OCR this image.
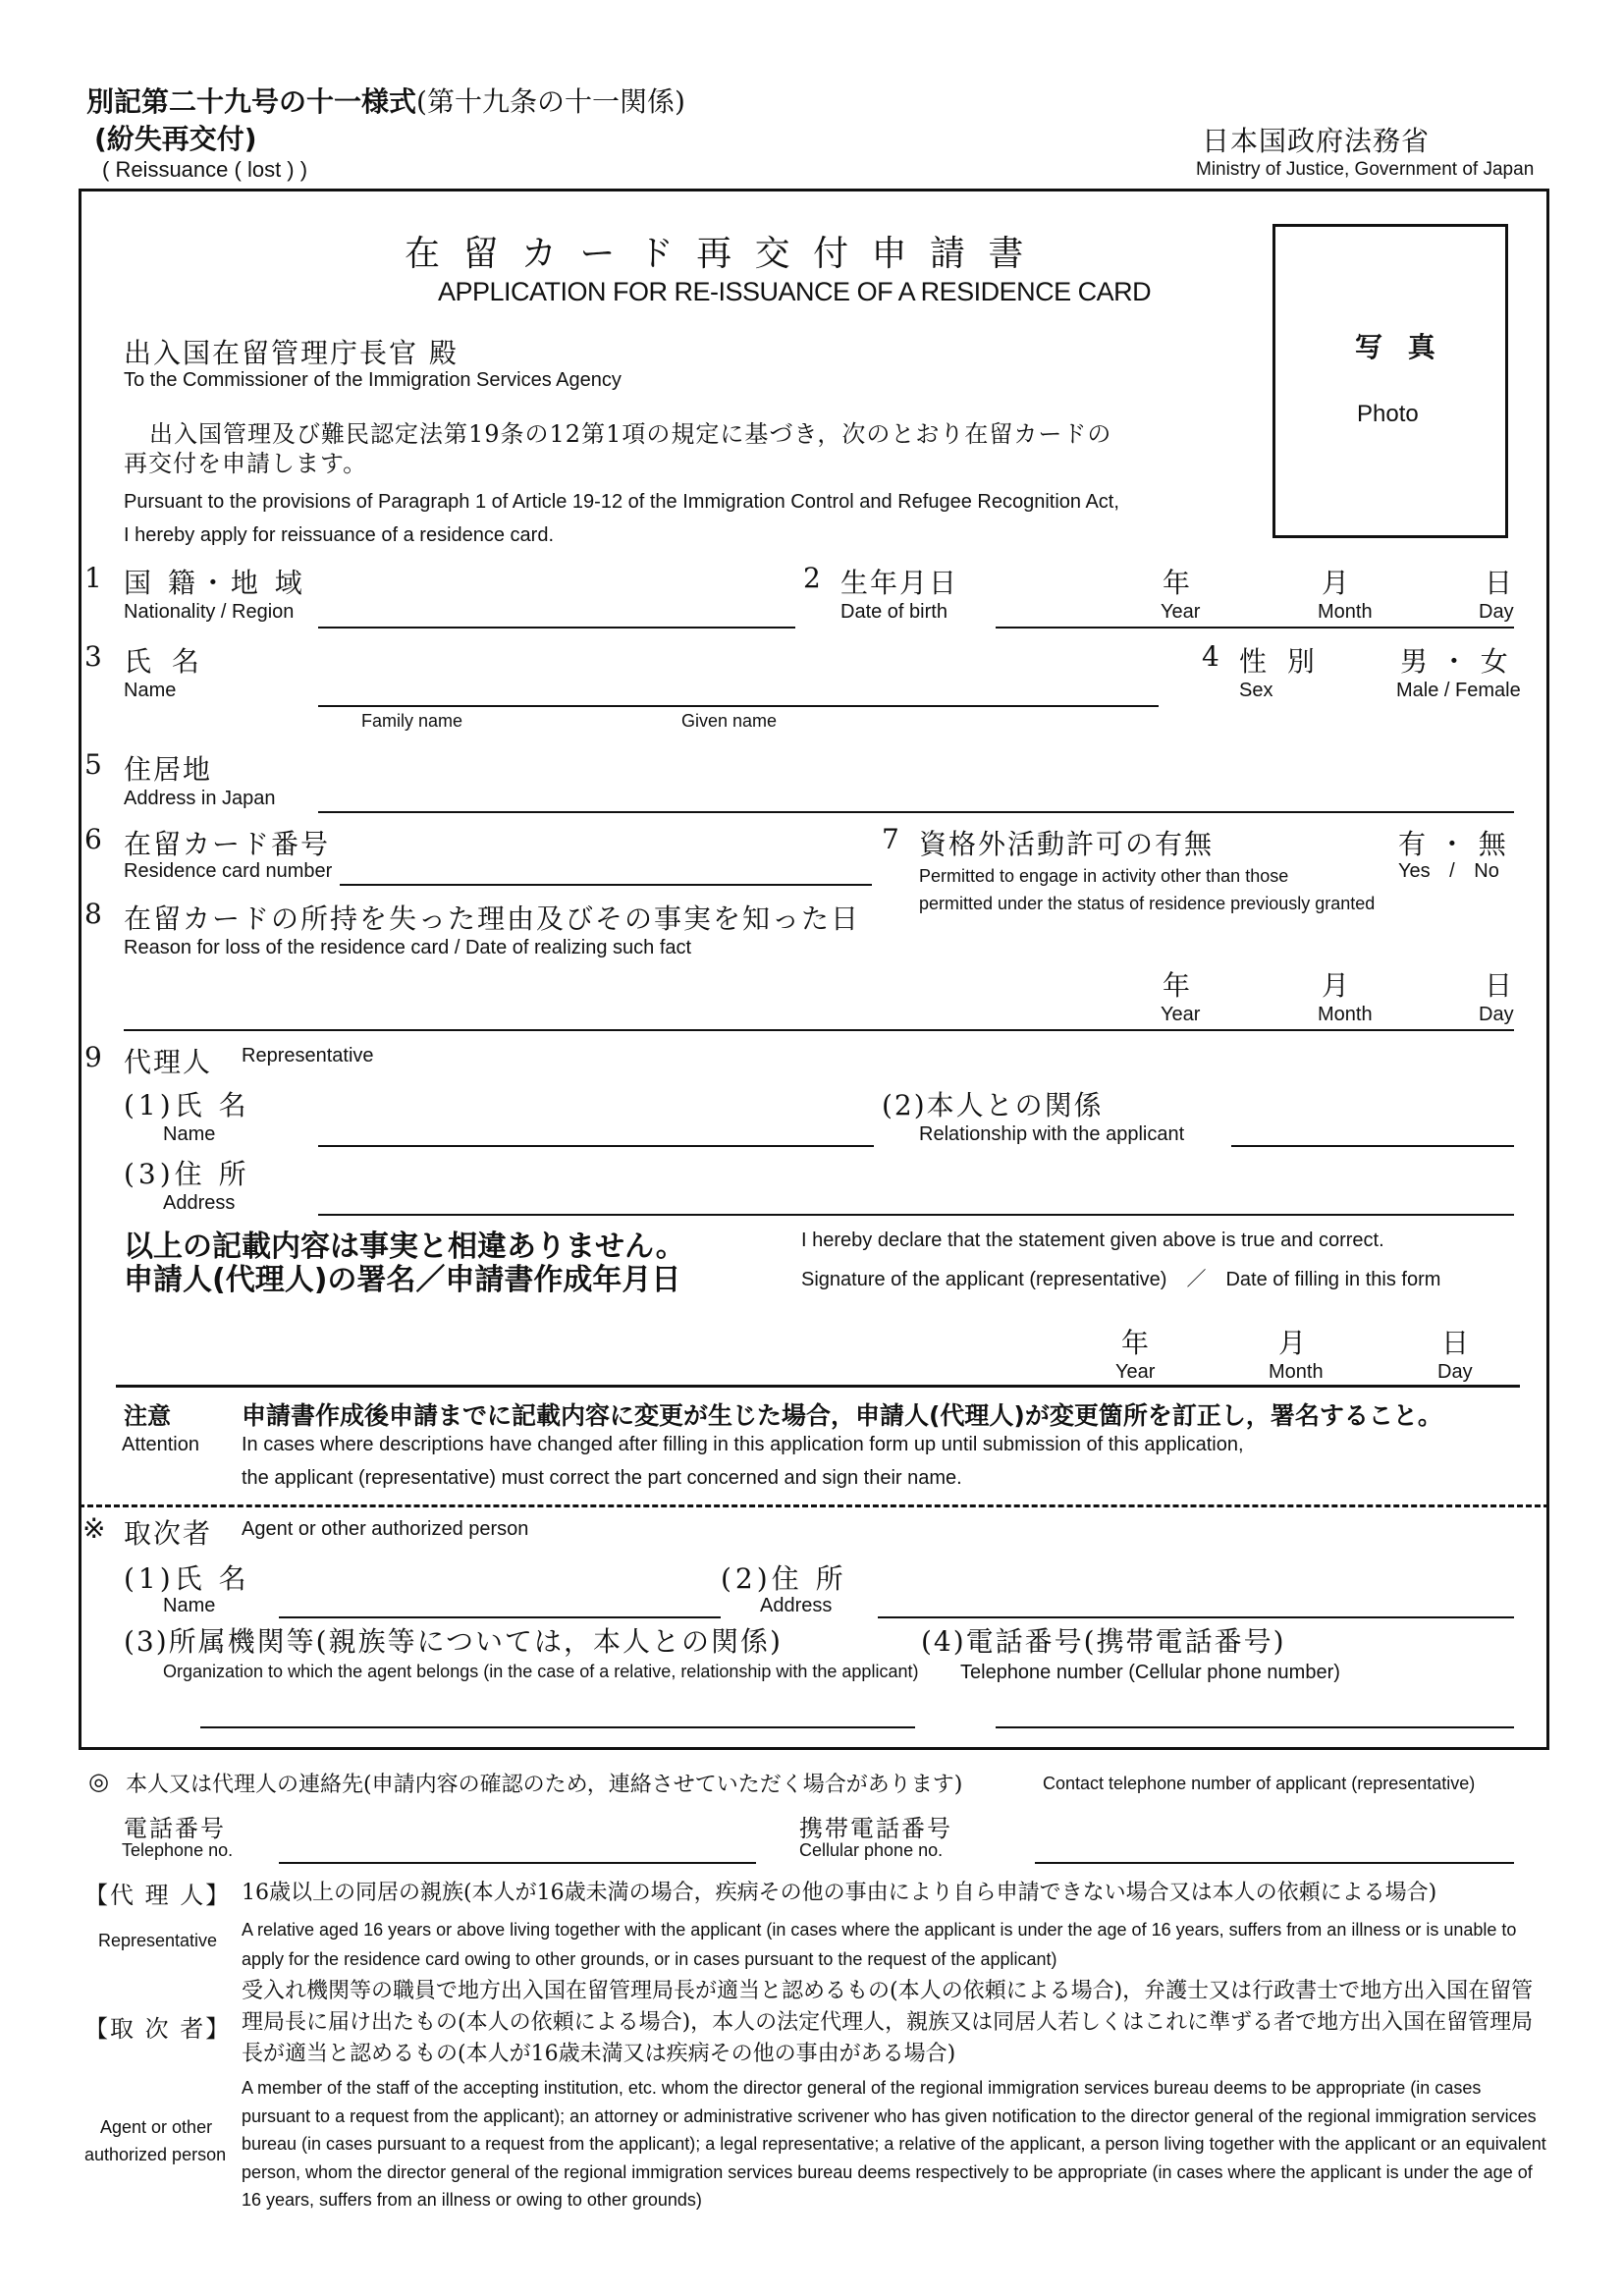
別記第二十九号の十一様式(第十九条の十一関係)
(紛失再交付)
( Reissuance ( lost ) )
日本国政府法務省
Ministry of Justice, Government of Japan
在 留 カ ー ド 再 交 付 申 請 書
APPLICATION FOR RE-ISSUANCE OF A RESIDENCE CARD
写 真
Photo
出入国在留管理庁長官 殿
To the Commissioner of the Immigration Services Agency
出入国管理及び難民認定法第19条の12第1項の規定に基づき，次のとおり在留カードの
再交付を申請します。
Pursuant to the provisions of Paragraph 1 of Article 19-12 of the Immigration Control and Refugee Recognition Act,
I hereby apply for reissuance of a residence card.
1 国 籍・地 域
Nationality / Region
2 生年月日
Date of birth
年
Year
月
Month
日
Day
3 氏 名
Name
Family name	Given name
4 性 別
Sex
男 ・ 女
Male / Female
5 住居地
Address in Japan
6 在留カード番号
Residence card number
7 資格外活動許可の有無
Permitted to engage in activity other than those
permitted under the status of residence previously granted
有 ・ 無
Yes / No
8 在留カードの所持を失った理由及びその事実を知った日
Reason for loss of the residence card / Date of realizing such fact
年
Year
月
Month
日
Day
9 代理人 Representative
(1)氏 名
Name
(2)本人との関係
Relationship with the applicant
(3)住 所
Address
以上の記載内容は事実と相違ありません。
申請人(代理人)の署名／申請書作成年月日
I hereby declare that the statement given above is true and correct.
Signature of the applicant (representative)　／　Date of filling in this form
年
Year
月
Month
日
Day
注意
Attention
申請書作成後申請までに記載内容に変更が生じた場合，申請人(代理人)が変更箇所を訂正し，署名すること。
In cases where descriptions have changed after filling in this application form up until submission of this application,
the applicant (representative) must correct the part concerned and sign their name.
※ 取次者 Agent or other authorized person
(1)氏 名
Name
(2)住 所
Address
(3)所属機関等(親族等については，本人との関係)
Organization to which the agent belongs (in the case of a relative, relationship with the applicant)
(4)電話番号(携帯電話番号)
Telephone number (Cellular phone number)
◎ 本人又は代理人の連絡先(申請内容の確認のため，連絡させていただく場合があります)	Contact telephone number of applicant (representative)
電話番号
Telephone no.
携帯電話番号
Cellular phone no.
【代 理 人】
Representative
16歳以上の同居の親族(本人が16歳未満の場合，疾病その他の事由により自ら申請できない場合又は本人の依頼による場合)
A relative aged 16 years or above living together with the applicant (in cases where the applicant is under the age of 16 years, suffers from an illness or is unable to apply for the residence card owing to other grounds, or in cases pursuant to the request of the applicant)
【取 次 者】
受入れ機関等の職員で地方出入国在留管理局長が適当と認めるもの(本人の依頼による場合)，弁護士又は行政書士で地方出入国在留管理局長に届け出たもの(本人の依頼による場合)，本人の法定代理人，親族又は同居人若しくはこれに準ずる者で地方出入国在留管理局長が適当と認めるもの(本人が16歳未満又は疾病その他の事由がある場合)
Agent or other
authorized person
A member of the staff of the accepting institution, etc. whom the director general of the regional immigration services bureau deems to be appropriate (in cases pursuant to a request from the applicant); an attorney or administrative scrivener who has given notification to the director general of the regional immigration services bureau (in cases pursuant to a request from the applicant); a legal representative; a relative of the applicant, a person living together with the applicant or an equivalent person, whom the director general of the regional immigration services bureau deems respectively to be appropriate (in cases where the applicant is under the age of 16 years, suffers from an illness or owing to other grounds)
